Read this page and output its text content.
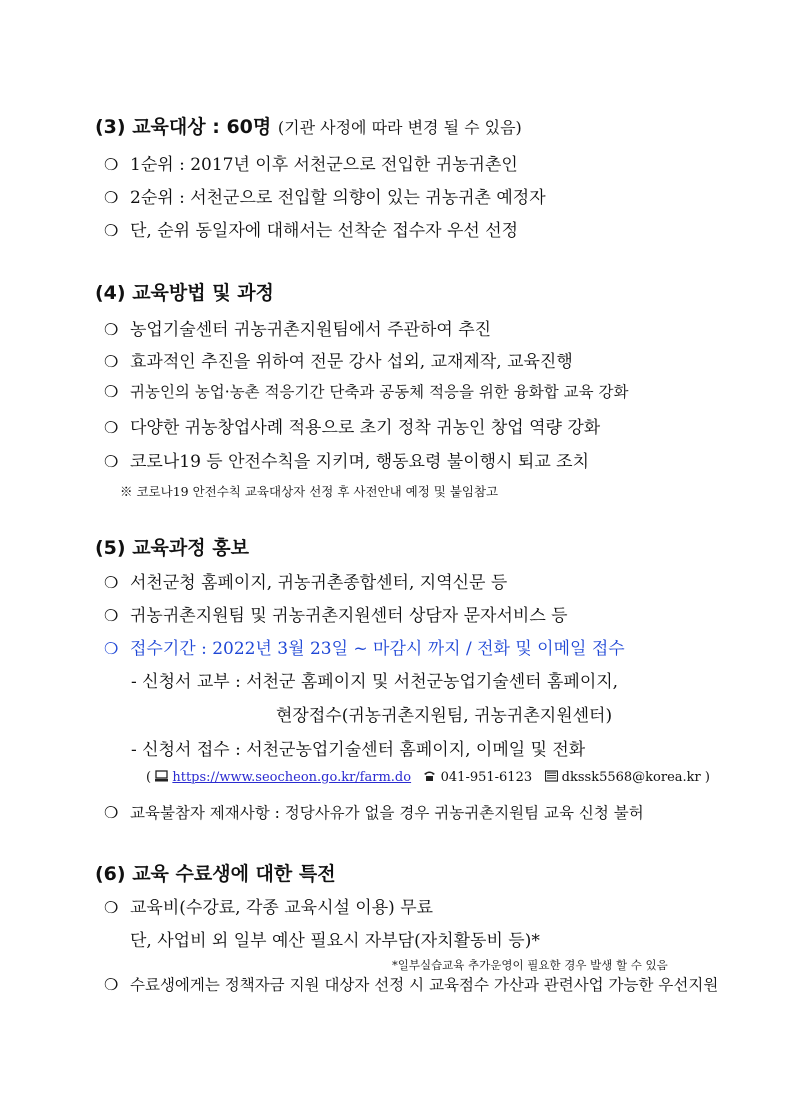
(3) 교육대상 : 60명 (기관 사정에 따라 변경 될 수 있음)
❍ 1순위 : 2017년 이후 서천군으로 전입한 귀농귀촌인
❍ 2순위 : 서천군으로 전입할 의향이 있는 귀농귀촌 예정자
❍ 단, 순위 동일자에 대해서는 선착순 접수자 우선 선정
(4) 교육방법 및 과정
❍ 농업기술센터 귀농귀촌지원팀에서 주관하여 추진
❍ 효과적인 추진을 위하여 전문 강사 섭외, 교재제작, 교육진행
❍ 귀농인의 농업·농촌 적응기간 단축과 공동체 적응을 위한 융화합 교육 강화
❍ 다양한 귀농창업사례 적용으로 초기 정착 귀농인 창업 역량 강화
❍ 코로나19 등 안전수칙을 지키며, 행동요령 불이행시 퇴교 조치
※ 코로나19 안전수칙 교육대상자 선정 후 사전안내 예정 및 붙임참고
(5) 교육과정 홍보
❍ 서천군청 홈페이지, 귀농귀촌종합센터, 지역신문 등
❍ 귀농귀촌지원팀 및 귀농귀촌지원센터 상담자 문자서비스 등
❍ 접수기간 : 2022년 3월 23일 ~ 마감시 까지 / 전화 및 이메일 접수
- 신청서 교부 : 서천군 홈페이지 및 서천군농업기술센터 홈페이지,
현장접수(귀농귀촌지원팀, 귀농귀촌지원센터)
- 신청서 접수 : 서천군농업기술센터 홈페이지, 이메일 및 전화
( https://www.seocheon.go.kr/farm.do 041-951-6123 dkssk5568@korea.kr )
❍ 교육불참자 제재사항 : 정당사유가 없을 경우 귀농귀촌지원팀 교육 신청 불허
(6) 교육 수료생에 대한 특전
❍ 교육비(수강료, 각종 교육시설 이용) 무료
단, 사업비 외 일부 예산 필요시 자부담(자치활동비 등)*
*일부실습교육 추가운영이 필요한 경우 발생 할 수 있음
❍ 수료생에게는 정책자금 지원 대상자 선정 시 교육점수 가산과 관련사업 가능한 우선지원
